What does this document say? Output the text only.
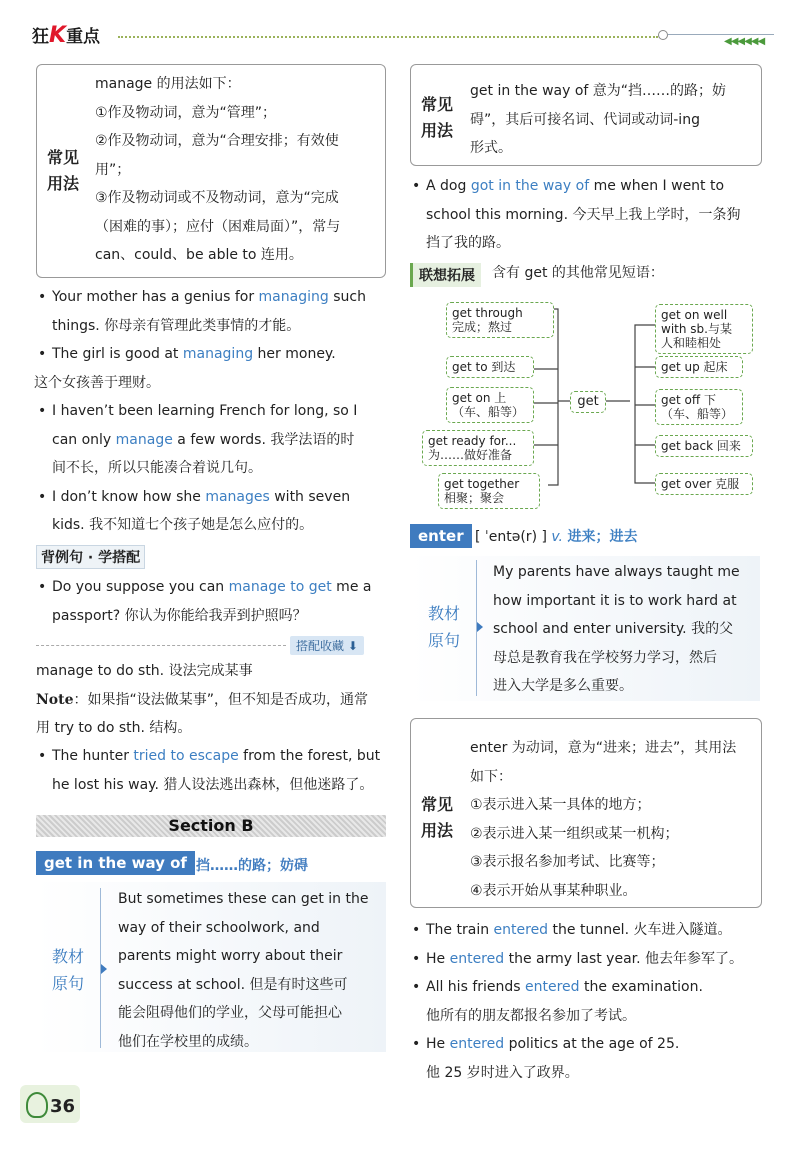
狂K重点	◀◀◀◀◀◀
常见
用法
manage 的用法如下：
①作及物动词，意为“管理”；
②作及物动词，意为“合理安排；有效使
用”；
③作及物动词或不及物动词，意为“完成
（困难的事）；应付（困难局面）”，常与
can、could、be able to 连用。
• Your mother has a genius for managing such
things. 你母亲有管理此类事情的才能。
• The girl is good at managing her money.
这个女孩善于理财。
• I haven’t been learning French for long, so I
can only manage a few words. 我学法语的时
间不长，所以只能凑合着说几句。
• I don’t know how she manages with seven
kids. 我不知道七个孩子她是怎么应付的。
背例句 · 学搭配
• Do you suppose you can manage to get me a
passport? 你认为你能给我弄到护照吗？
搭配收藏 ⬇
manage to do sth. 设法完成某事
Note：如果指“设法做某事”，但不知是否成功，通常
用 try to do sth. 结构。
• The hunter tried to escape from the forest, but
he lost his way. 猎人设法逃出森林，但他迷路了。
Section B
get in the way of 挡……的路；妨碍
教材
原句
But sometimes these can get in the
way of their schoolwork, and
parents might worry about their
success at school. 但是有时这些可
能会阻碍他们的学业，父母可能担心
他们在学校里的成绩。
36
常见
用法
get in the way of 意为“挡……的路；妨
碍”，其后可接名词、代词或动词-ing
形式。
• A dog got in the way of me when I went to
school this morning. 今天早上我上学时，一条狗
挡了我的路。
联想拓展	含有 get 的其他常见短语：
get through
完成；熬过
get to 到达
get on 上
（车、船等）
get ready for...
为……做好准备
get together
相聚；聚会
get
get on well
with sb.与某
人和睦相处
get up 起床
get off 下
（车、船等）
get back 回来
get over 克服
enter [ ˈentə(r) ] v. 进来；进去
教材
原句
My parents have always taught me
how important it is to work hard at
school and enter university. 我的父
母总是教育我在学校努力学习，然后
进入大学是多么重要。
常见
用法
enter 为动词，意为“进来；进去”，其用法
如下：
①表示进入某一具体的地方；
②表示进入某一组织或某一机构；
③表示报名参加考试、比赛等；
④表示开始从事某种职业。
• The train entered the tunnel. 火车进入隧道。
• He entered the army last year. 他去年参军了。
• All his friends entered the examination.
他所有的朋友都报名参加了考试。
• He entered politics at the age of 25.
他 25 岁时进入了政界。
